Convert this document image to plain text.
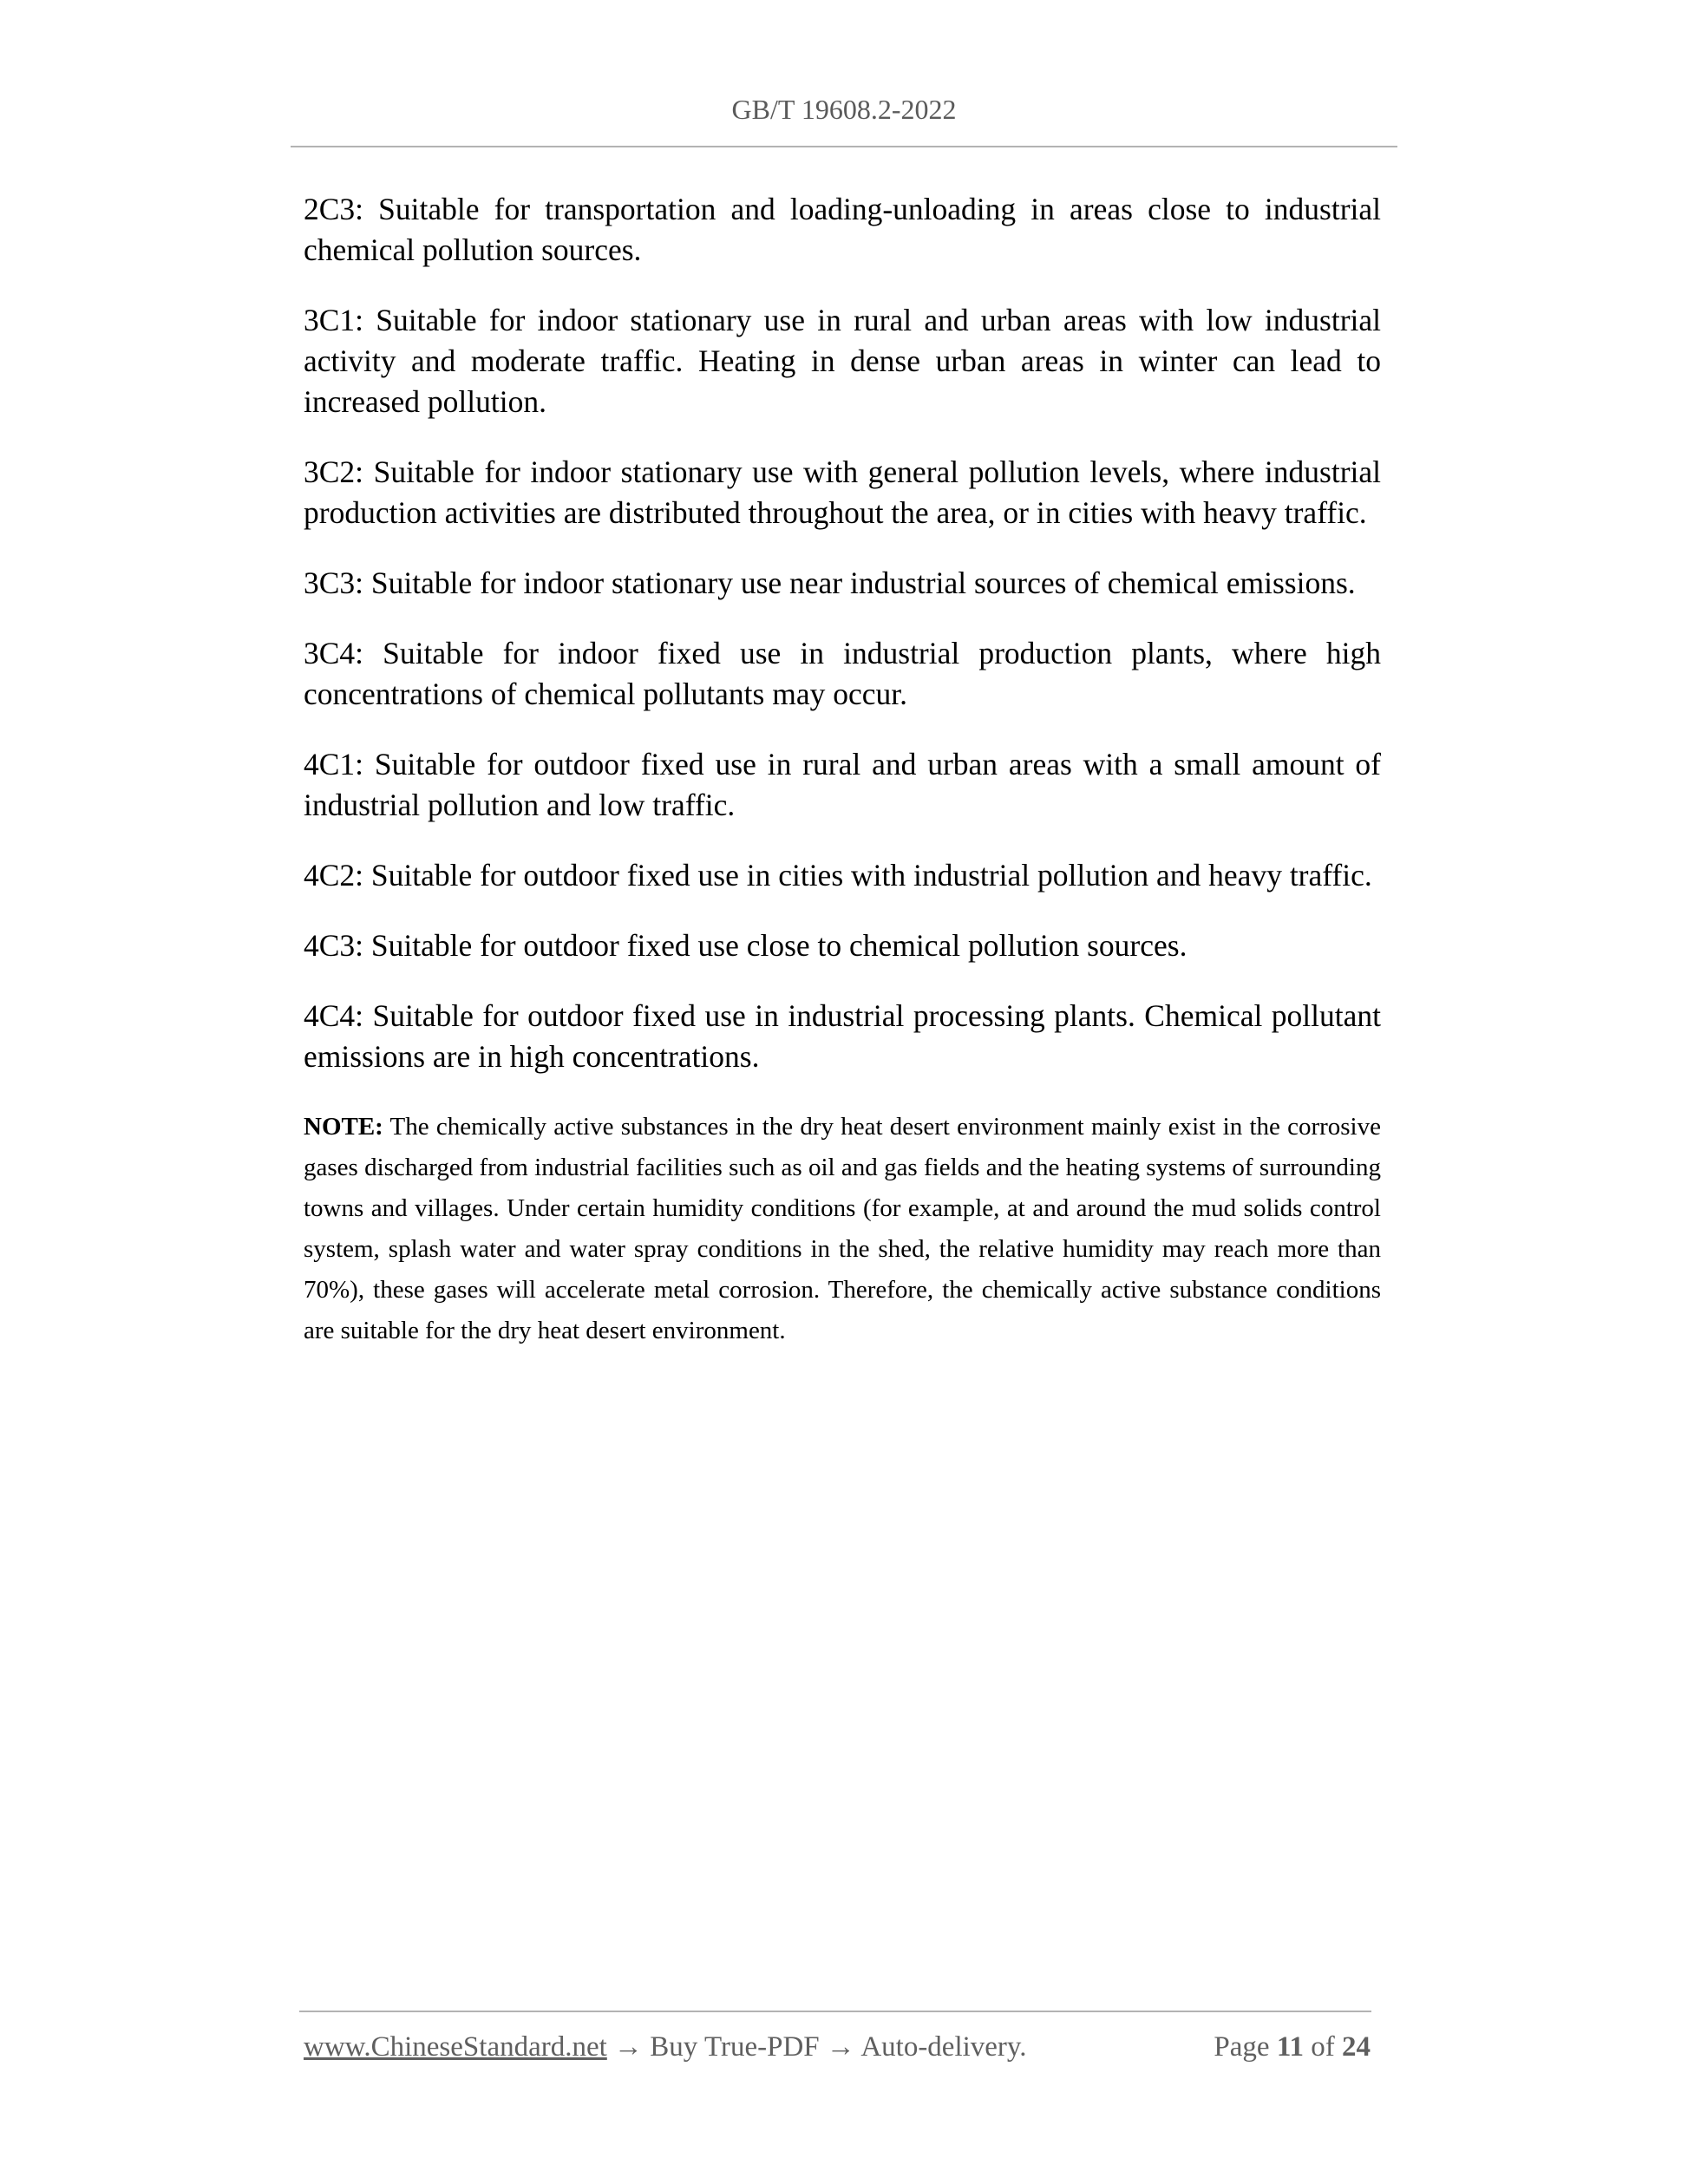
GB/T 19608.2-2022

2C3: Suitable for transportation and loading-unloading in areas close to industrial chemical pollution sources.

3C1: Suitable for indoor stationary use in rural and urban areas with low industrial activity and moderate traffic. Heating in dense urban areas in winter can lead to increased pollution.

3C2: Suitable for indoor stationary use with general pollution levels, where industrial production activities are distributed throughout the area, or in cities with heavy traffic.

3C3: Suitable for indoor stationary use near industrial sources of chemical emissions.

3C4: Suitable for indoor fixed use in industrial production plants, where high concentrations of chemical pollutants may occur.

4C1: Suitable for outdoor fixed use in rural and urban areas with a small amount of industrial pollution and low traffic.

4C2: Suitable for outdoor fixed use in cities with industrial pollution and heavy traffic.

4C3: Suitable for outdoor fixed use close to chemical pollution sources.

4C4: Suitable for outdoor fixed use in industrial processing plants. Chemical pollutant emissions are in high concentrations.

NOTE: The chemically active substances in the dry heat desert environment mainly exist in the corrosive gases discharged from industrial facilities such as oil and gas fields and the heating systems of surrounding towns and villages. Under certain humidity conditions (for example, at and around the mud solids control system, splash water and water spray conditions in the shed, the relative humidity may reach more than 70%), these gases will accelerate metal corrosion. Therefore, the chemically active substance conditions are suitable for the dry heat desert environment.

www.ChineseStandard.net → Buy True-PDF → Auto-delivery.	Page 11 of 24
